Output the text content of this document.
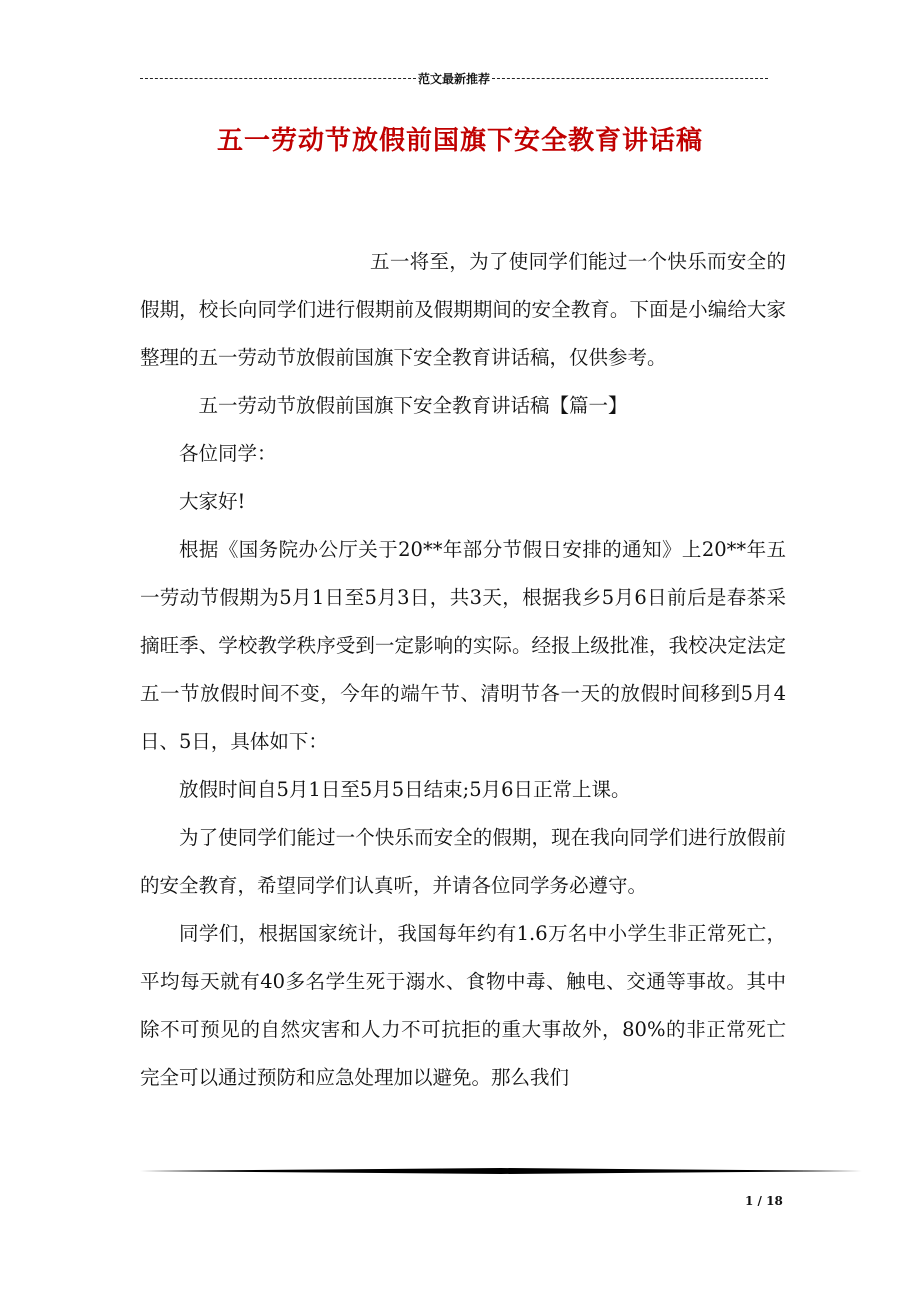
范文最新推荐
五一劳动节放假前国旗下安全教育讲话稿

五一将至，为了使同学们能过一个快乐而安全的假期，校长向同学们进行假期前及假期期间的安全教育。下面是小编给大家整理的五一劳动节放假前国旗下安全教育讲话稿，仅供参考。

五一劳动节放假前国旗下安全教育讲话稿【篇一】

各位同学：

大家好!

根据《国务院办公厅关于20**年部分节假日安排的通知》上20**年五一劳动节假期为5月1日至5月3日，共3天，根据我乡5月6日前后是春茶采摘旺季、学校教学秩序受到一定影响的实际。经报上级批准，我校决定法定五一节放假时间不变，今年的端午节、清明节各一天的放假时间移到5月4日、5日，具体如下：

放假时间自5月1日至5月5日结束;5月6日正常上课。

为了使同学们能过一个快乐而安全的假期，现在我向同学们进行放假前的安全教育，希望同学们认真听，并请各位同学务必遵守。

同学们，根据国家统计，我国每年约有1.6万名中小学生非正常死亡，平均每天就有40多名学生死于溺水、食物中毒、触电、交通等事故。其中除不可预见的自然灾害和人力不可抗拒的重大事故外，80%的非正常死亡完全可以通过预防和应急处理加以避免。那么我们

1 / 18
